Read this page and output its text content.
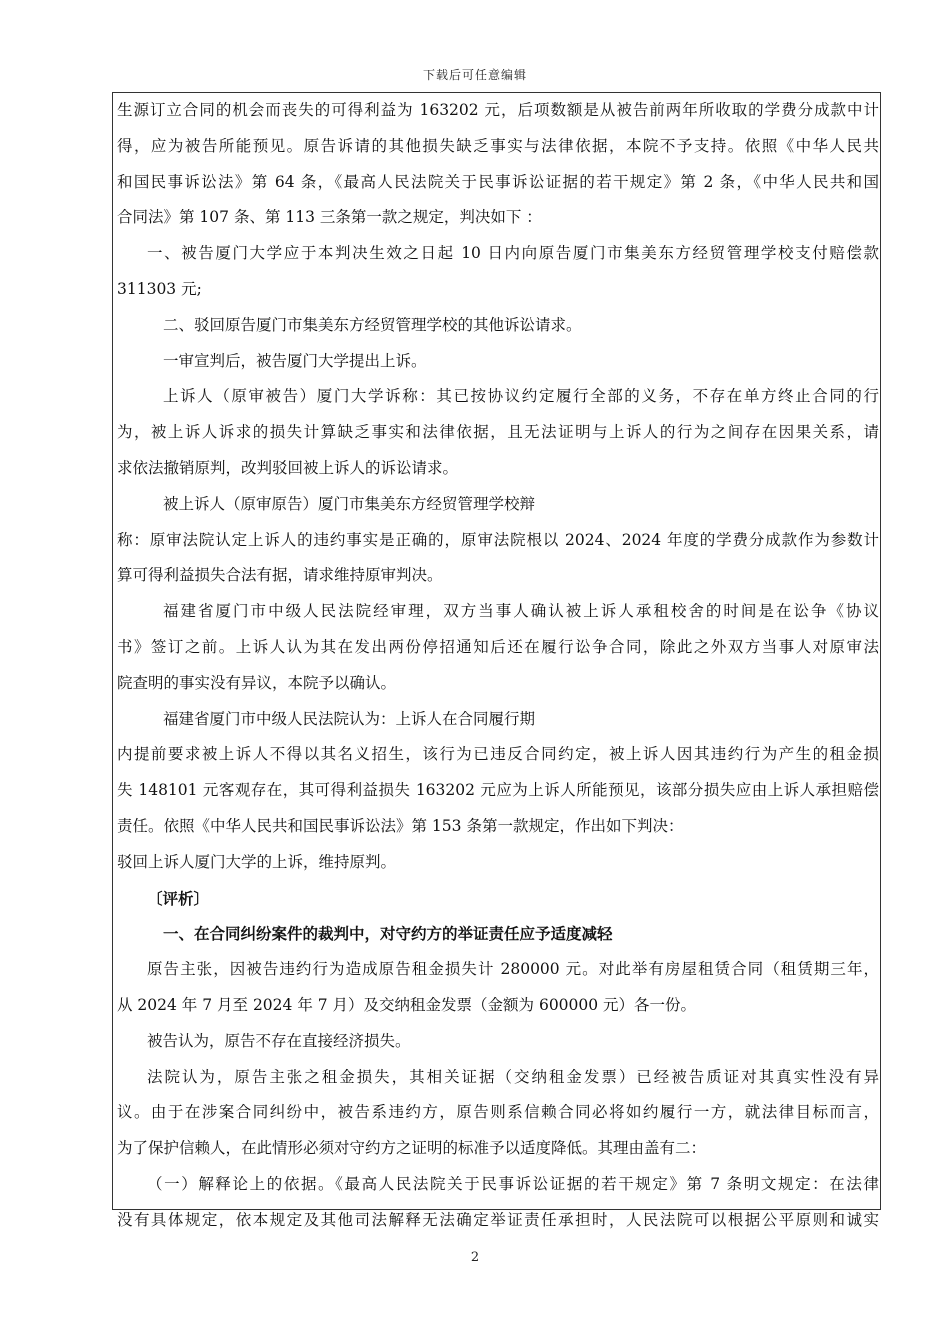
下载后可任意编辑
生源订立合同的机会而丧失的可得利益为 163202 元，后项数额是从被告前两年所收取的学费分成款中计
得，应为被告所能预见。原告诉请的其他损失缺乏事实与法律依据，本院不予支持。依照《中华人民共
和国民事诉讼法》第 64 条，《最高人民法院关于民事诉讼证据的若干规定》第 2 条，《中华人民共和国
合同法》第 107 条、第 113 三条第一款之规定，判决如下 ：
一、被告厦门大学应于本判决生效之日起 10 日内向原告厦门市集美东方经贸管理学校支付赔偿款
311303 元;
二、驳回原告厦门市集美东方经贸管理学校的其他诉讼请求。
一审宣判后，被告厦门大学提出上诉。
上诉人（原审被告）厦门大学诉称：其已按协议约定履行全部的义务，不存在单方终止合同的行
为，被上诉人诉求的损失计算缺乏事实和法律依据，且无法证明与上诉人的行为之间存在因果关系，请
求依法撤销原判，改判驳回被上诉人的诉讼请求。
被上诉人（原审原告）厦门市集美东方经贸管理学校辩
称：原审法院认定上诉人的违约事实是正确的，原审法院根以 2024、2024 年度的学费分成款作为参数计
算可得利益损失合法有据，请求维持原审判决。
福建省厦门市中级人民法院经审理，双方当事人确认被上诉人承租校舍的时间是在讼争《协议
书》签订之前。上诉人认为其在发出两份停招通知后还在履行讼争合同，除此之外双方当事人对原审法
院查明的事实没有异议，本院予以确认。
福建省厦门市中级人民法院认为：上诉人在合同履行期
内提前要求被上诉人不得以其名义招生，该行为已违反合同约定，被上诉人因其违约行为产生的租金损
失 148101 元客观存在，其可得利益损失 163202 元应为上诉人所能预见，该部分损失应由上诉人承担赔偿
责任。依照《中华人民共和国民事诉讼法》第 153 条第一款规定，作出如下判决：
驳回上诉人厦门大学的上诉，维持原判。
〔评析〕
一、在合同纠纷案件的裁判中，对守约方的举证责任应予适度减轻
原告主张，因被告违约行为造成原告租金损失计 280000 元。对此举有房屋租赁合同（租赁期三年，
从 2024 年 7 月至 2024 年 7 月）及交纳租金发票（金额为 600000 元）各一份。
被告认为，原告不存在直接经济损失。
法院认为，原告主张之租金损失，其相关证据（交纳租金发票）已经被告质证对其真实性没有异
议。由于在涉案合同纠纷中，被告系违约方，原告则系信赖合同必将如约履行一方，就法律目标而言，
为了保护信赖人，在此情形必须对守约方之证明的标准予以适度降低。其理由盖有二：
（一）解释论上的依据。《最高人民法院关于民事诉讼证据的若干规定》第 7 条明文规定：在法律
没有具体规定，依本规定及其他司法解释无法确定举证责任承担时，人民法院可以根据公平原则和诚实
2
